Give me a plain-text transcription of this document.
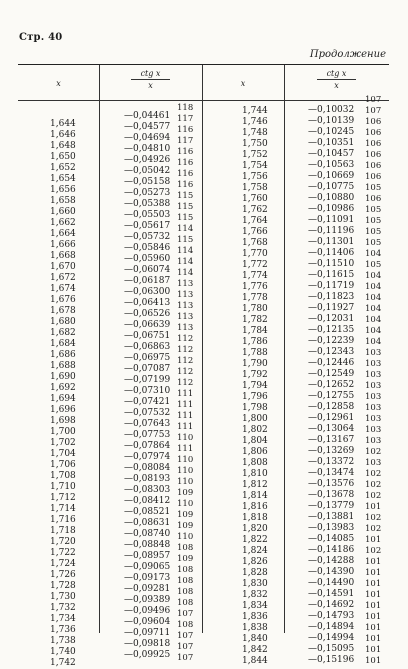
Стр. 40
Продолжение
x
ctg x
x	x
ctg x
x
1,644
1,646
1,648
1,650
1,652
1,654
1,656
1,658
1,660
1,662
1,664
1,666
1,668
1,670
1,672
1,674
1,676
1,678
1,680
1,682
1,684
1,686
1,688
1,690
1,692
1,694
1,696
1,698
1,700
1,702
1,704
1,706
1,708
1,710
1,712
1,714
1,716
1,718
1,720
1,722
1,724
1,726
1,728
1,730
1,732
1,734
1,736
1,738
1,740
1,742
—0,04461
—0,04577
—0,04694
—0,04810
—0,04926
—0,05042
—0,05158
—0,05273
—0,05388
—0,05503
—0,05617
—0,05732
—0,05846
—0,05960
—0,06074
—0,06187
—0,06300
—0,06413
—0,06526
—0,06639
—0,06751
—0,06863
—0,06975
—0,07087
—0,07199
—0,07310
—0,07421
—0,07532
—0,07643
—0,07753
—0,07864
—0,07974
—0,08084
—0,08193
—0,08303
—0,08412
—0,08521
—0,08631
—0,08740
—0,08848
—0,08957
—0,09065
—0,09173
—0,09281
—0,09389
—0,09496
—0,09604
—0,09711
—0,09818
—0,09925
118
117
116
117
116
116
116
116
115
115
115
114
115
114
114
114
113
113
113
113
113
112
112
112
112
112
111
111
111
111
110
111
110
110
110
109
110
109
109
110
108
109
108
108
108
108
107
108
107
107
107
1,744
1,746
1,748
1,750
1,752
1,754
1,756
1,758
1,760
1,762
1,764
1,766
1,768
1,770
1,772
1,774
1,776
1,778
1,780
1,782
1,784
1,786
1,788
1,790
1,792
1,794
1,796
1,798
1,800
1,802
1,804
1,806
1,808
1,810
1,812
1,814
1,816
1,818
1,820
1,822
1,824
1,826
1,828
1,830
1,832
1,834
1,836
1,838
1,840
1,842
1,844
—0,10032
—0,10139
—0,10245
—0,10351
—0,10457
—0,10563
—0,10669
—0,10775
—0,10880
—0,10986
—0,11091
—0,11196
—0,11301
—0,11406
—0,11510
—0,11615
—0,11719
—0,11823
—0,11927
—0,12031
—0,12135
—0,12239
—0,12343
—0,12446
—0,12549
—0,12652
—0,12755
—0,12858
—0,12961
—0,13064
—0,13167
—0,13269
—0,13372
—0,13474
—0,13576
—0,13678
—0,13779
—0,13881
—0,13983
—0,14085
—0,14186
—0,14288
—0,14390
—0,14490
—0,14591
—0,14692
—0,14793
—0,14894
—0,14994
—0,15095
—0,15196
107
107
106
106
106
106
106
106
105
106
105
105
105
105
104
105
104
104
104
104
104
104
104
103
103
103
103
103
103
103
103
103
102
103
102
102
102
101
102
102
101
102
101
101
101
101
101
101
101
101
101
101
